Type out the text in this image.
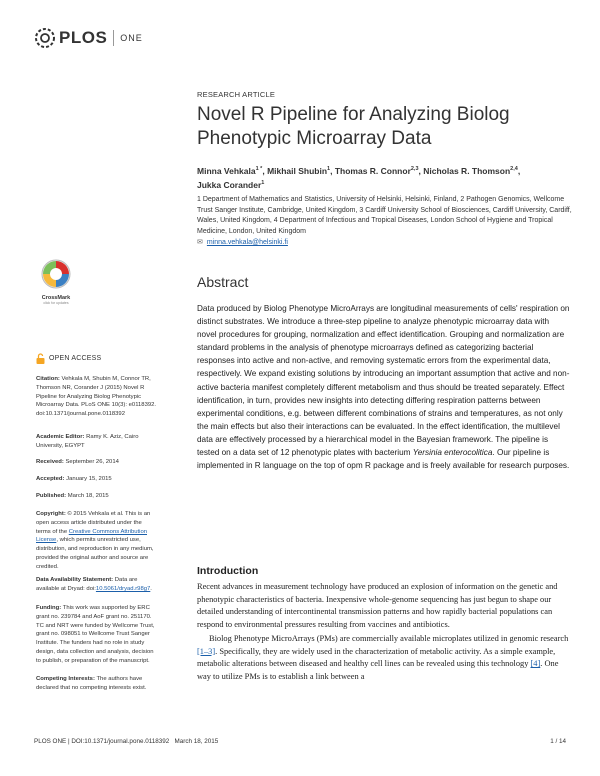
PLOS ONE
RESEARCH ARTICLE
Novel R Pipeline for Analyzing Biolog Phenotypic Microarray Data
Minna Vehkala$^{1 *}$, Mikhail Shubin$^1$, Thomas R. Connor$^{2,3}$, Nicholas R. Thomson$^{2,4}$,
Jukka Corander$^1$
1 Department of Mathematics and Statistics, University of Helsinki, Helsinki, Finland, 2 Pathogen Genomics, Wellcome Trust Sanger Institute, Cambridge, United Kingdom, 3 Cardiff University School of Biosciences, Cardiff University, Cardiff, Wales, United Kingdom, 4 Department of Infectious and Tropical Diseases, London School of Hygiene and Tropical Medicine, London, United Kingdom
✉ minna.vehkala@helsinki.fi
Abstract
Data produced by Biolog Phenotype MicroArrays are longitudinal measurements of cells' respiration on distinct substrates. We introduce a three-step pipeline to analyze phenotypic microarray data with novel procedures for grouping, normalization and effect identification. Grouping and normalization are standard problems in the analysis of phenotype microarrays defined as categorizing bacterial responses into active and non-active, and removing systematic errors from the experimental data, respectively. We expand existing solutions by introducing an important assumption that active and non-active bacteria manifest completely different metabolism and thus should be treated separately. Effect identification, in turn, provides new insights into detecting differing respiration patterns between experimental conditions, e.g. between different combinations of strains and temperatures, as not only the main effects but also their interactions can be evaluated. In the effect identification, the multilevel data are effectively processed by a hierarchical model in the Bayesian framework. The pipeline is tested on a data set of 12 phenotypic plates with bacterium Yersinia enterocolitica. Our pipeline is implemented in R language on the top of opm R package and is freely available for research purposes.
CrossMark
click for updates
OPEN ACCESS
Citation: Vehkala M, Shubin M, Connor TR, Thomson NR, Corander J (2015) Novel R Pipeline for Analyzing Biolog Phenotypic Microarray Data. PLoS ONE 10(3): e0118392. doi:10.1371/journal.pone.0118392
Academic Editor: Ramy K. Aziz, Cairo University, EGYPT
Received: September 26, 2014
Accepted: January 15, 2015
Published: March 18, 2015
Copyright: © 2015 Vehkala et al. This is an open access article distributed under the terms of the Creative Commons Attribution License, which permits unrestricted use, distribution, and reproduction in any medium, provided the original author and source are credited.
Data Availability Statement: Data are available at Dryad: doi:10.5061/dryad.r98g7.
Funding: This work was supported by ERC grant no. 239784 and AoF grant no. 251170. TC and NRT were funded by Wellcome Trust, grant no. 098051 to Wellcome Trust Sanger Institute. The funders had no role in study design, data collection and analysis, decision to publish, or preparation of the manuscript.
Competing Interests: The authors have declared that no competing interests exist.
Introduction
Recent advances in measurement technology have produced an explosion of information on the genetic and phenotypic characteristics of bacteria. Inexpensive whole-genome sequencing has just begun to shape our detailed understanding of intercontinental transmission patterns and how rapidly bacterial populations can respond to environmental pressures resulting from vaccines and antibiotics.
Biolog Phenotype MicroArrays (PMs) are commercially available microplates utilized in genomic research [1–3]. Specifically, they are widely used in the characterization of metabolic activity. As a simple example, metabolic alterations between diseased and healthy cell lines can be revealed using this technology [4]. One way to utilize PMs is to establish a link between a
PLOS ONE | DOI:10.1371/journal.pone.0118392   March 18, 2015	1 / 14
